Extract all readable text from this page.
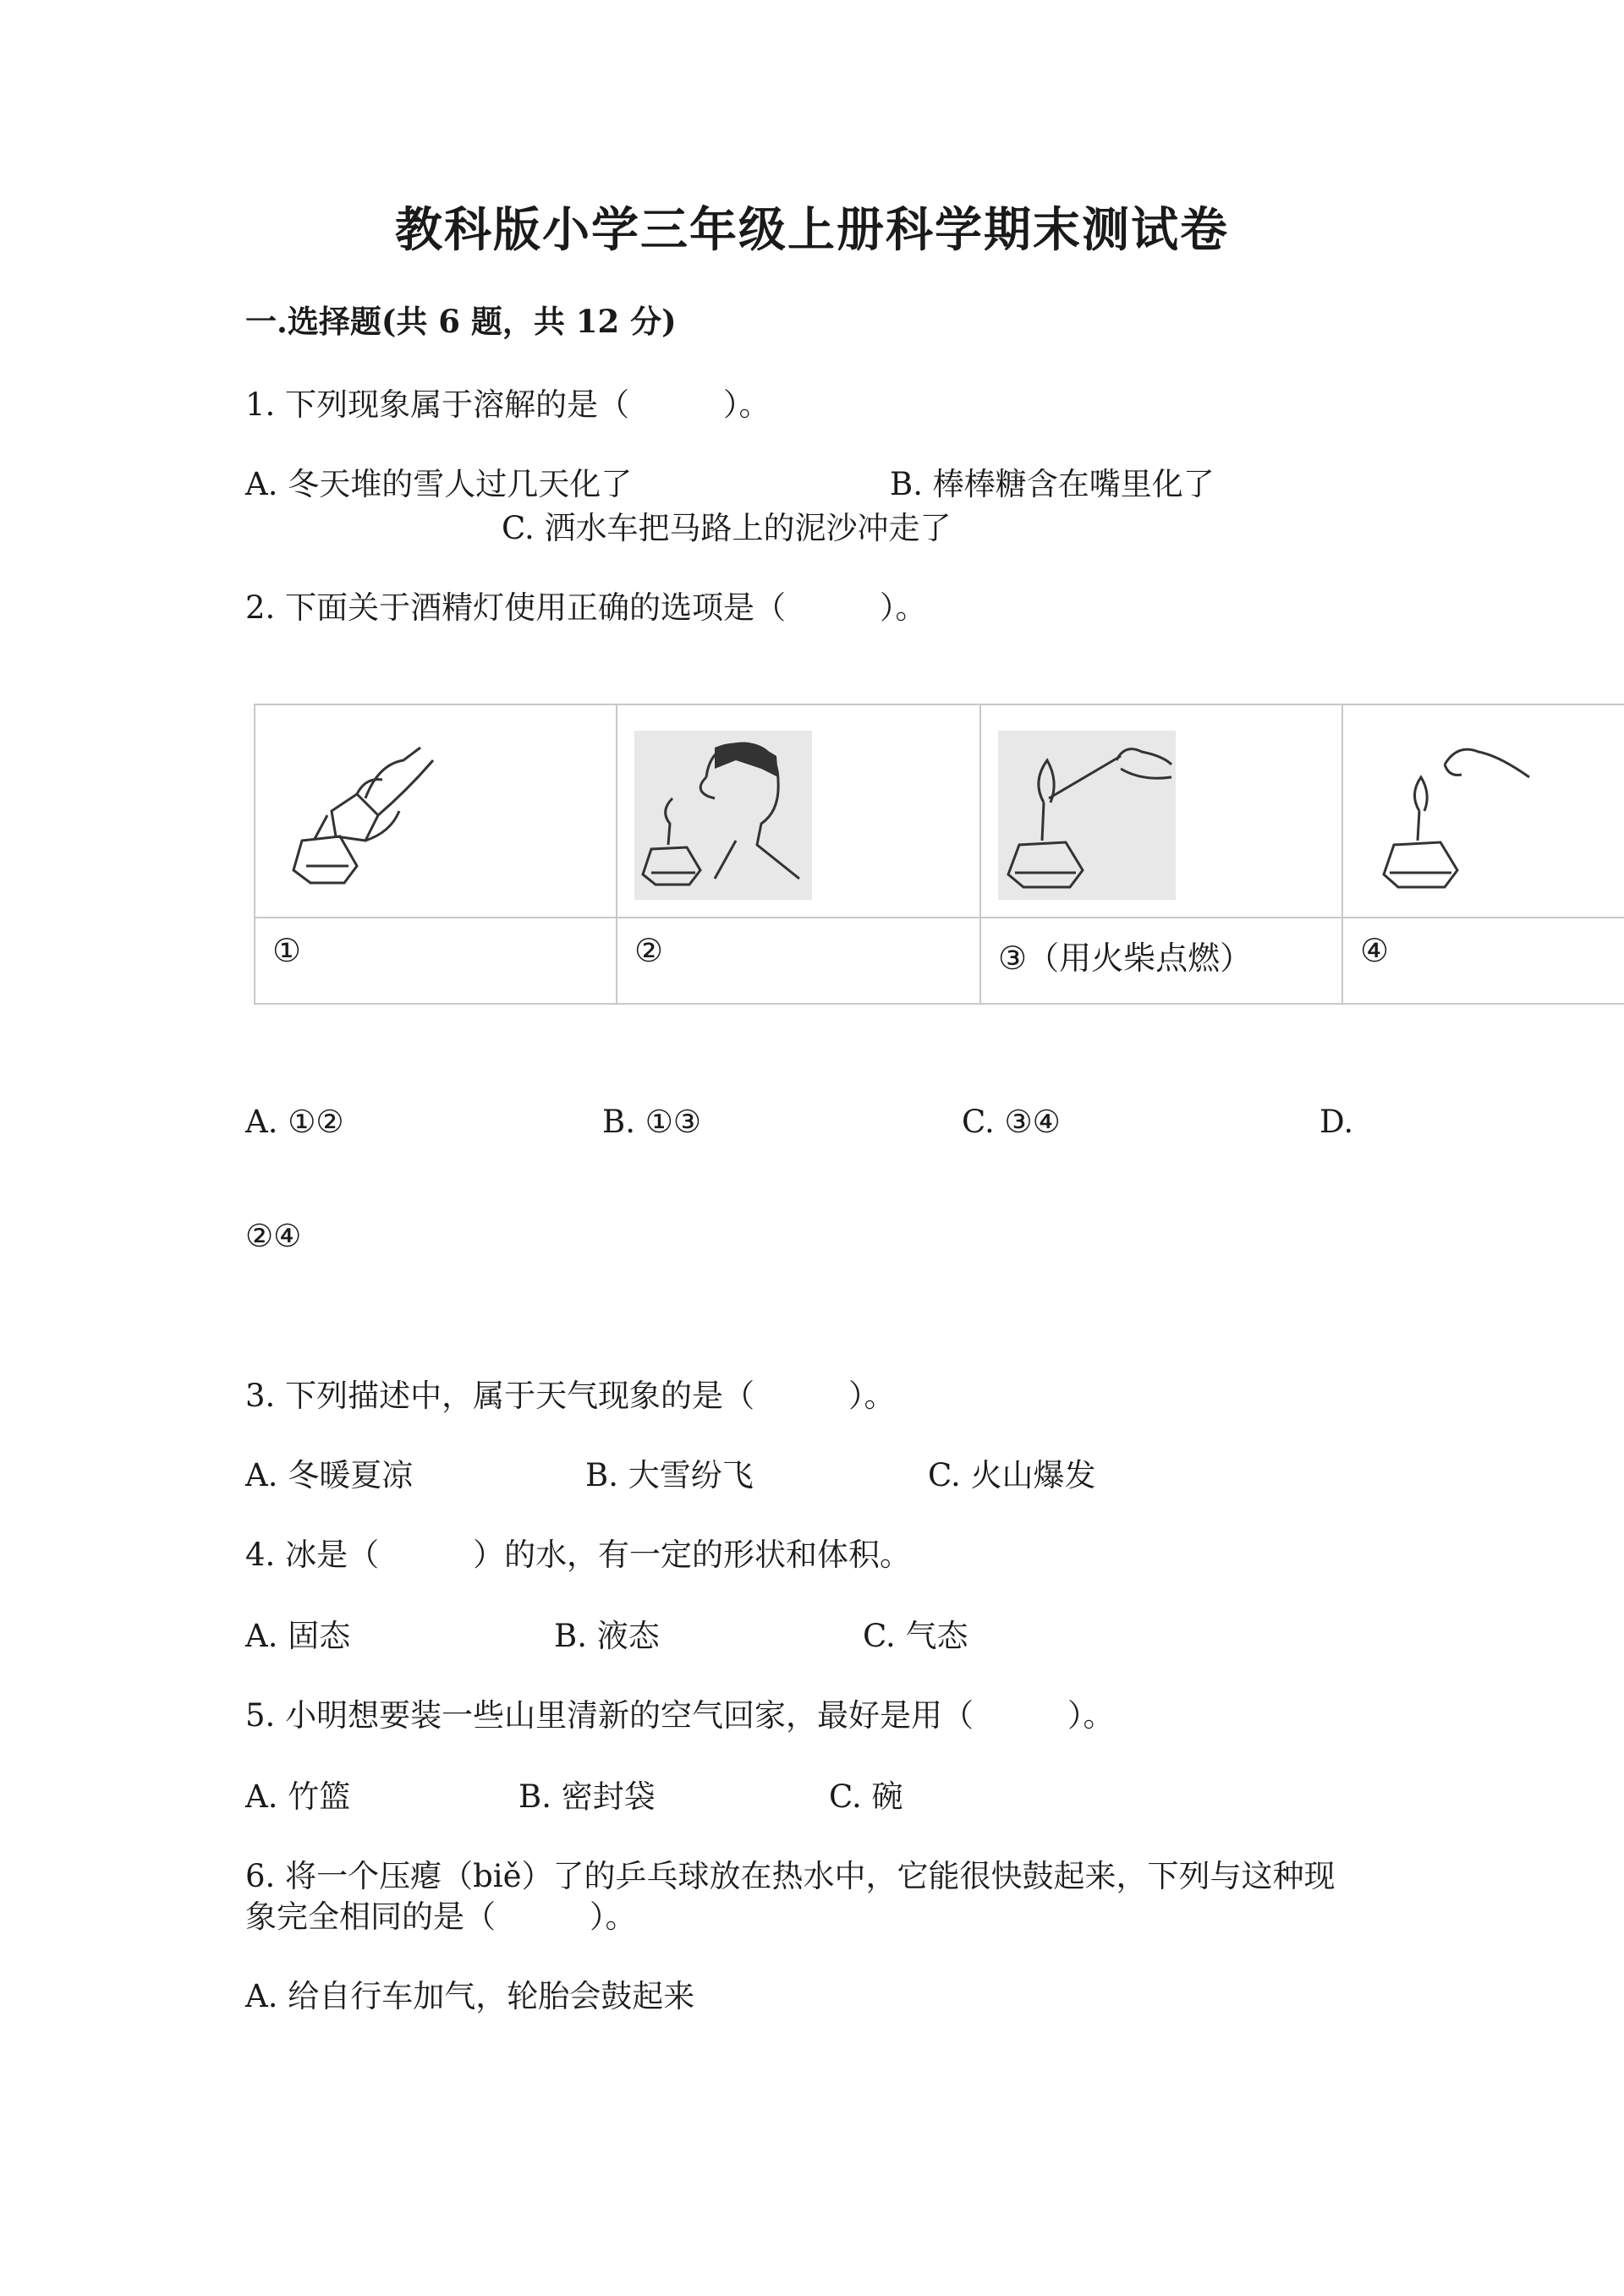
教科版小学三年级上册科学期末测试卷
一.选择题(共 6 题，共 12 分)
1. 下列现象属于溶解的是（　　　）。
A. 冬天堆的雪人过几天化了	B. 棒棒糖含在嘴里化了
C. 洒水车把马路上的泥沙冲走了
2. 下面关于酒精灯使用正确的选项是（　　　）。
①	②	③（用火柴点燃）	④
A. ①②	B. ①③	C. ③④	D.
②④
3. 下列描述中，属于天气现象的是（　　　）。
A. 冬暖夏凉	B. 大雪纷飞	C. 火山爆发
4. 冰是（　　　）的水，有一定的形状和体积。
A. 固态	B. 液态	C. 气态
5. 小明想要装一些山里清新的空气回家，最好是用（　　　）。
A. 竹篮	B. 密封袋	C. 碗
6. 将一个压瘪（biě）了的乒乓球放在热水中，它能很快鼓起来，下列与这种现
象完全相同的是（　　　）。
A. 给自行车加气，轮胎会鼓起来
